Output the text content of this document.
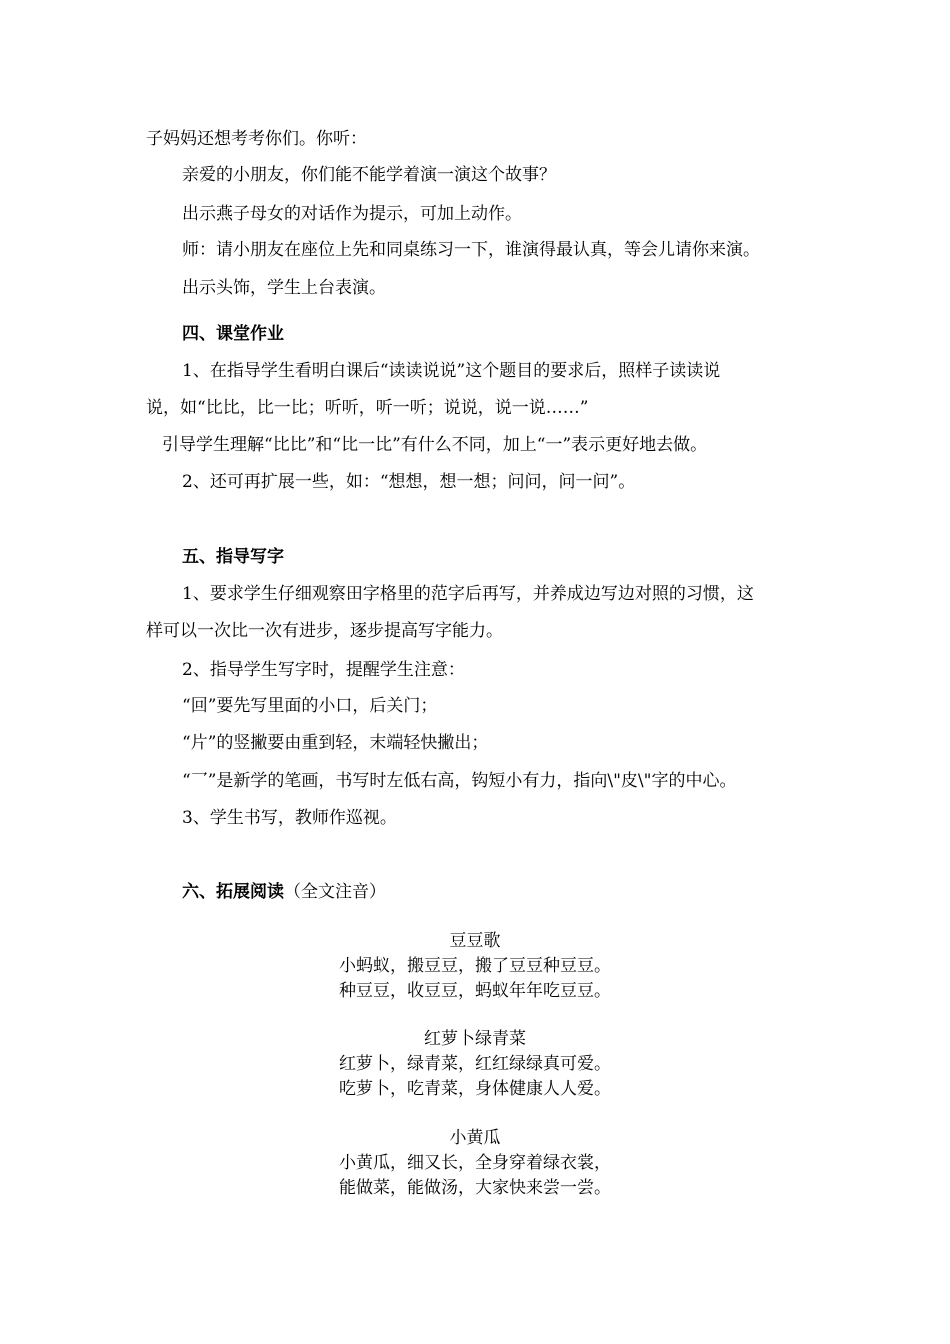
子妈妈还想考考你们。你听：
亲爱的小朋友，你们能不能学着演一演这个故事？
出示燕子母女的对话作为提示，可加上动作。
师：请小朋友在座位上先和同桌练习一下，谁演得最认真，等会儿请你来演。
出示头饰，学生上台表演。
四、课堂作业
1、在指导学生看明白课后“读读说说”这个题目的要求后，照样子读读说
说，如“比比，比一比；听听，听一听；说说，说一说……”
引导学生理解“比比”和“比一比”有什么不同，加上“一”表示更好地去做。
2、还可再扩展一些，如：“想想，想一想；问问，问一问”。
五、指导写字
1、要求学生仔细观察田字格里的范字后再写，并养成边写边对照的习惯，这
样可以一次比一次有进步，逐步提高写字能力。
2、指导学生写字时，提醒学生注意：
“回”要先写里面的小口，后关门；
“片”的竖撇要由重到轻，末端轻快撇出；
“乛”是新学的笔画，书写时左低右高，钩短小有力，指向\"皮\"字的中心。
3、学生书写，教师作巡视。
六、拓展阅读（全文注音）
豆豆歌
小蚂蚁，搬豆豆，搬了豆豆种豆豆。
种豆豆，收豆豆，蚂蚁年年吃豆豆。
红萝卜绿青菜
红萝卜，绿青菜，红红绿绿真可爱。
吃萝卜，吃青菜，身体健康人人爱。
小黄瓜
小黄瓜，细又长，全身穿着绿衣裳，
能做菜，能做汤，大家快来尝一尝。
